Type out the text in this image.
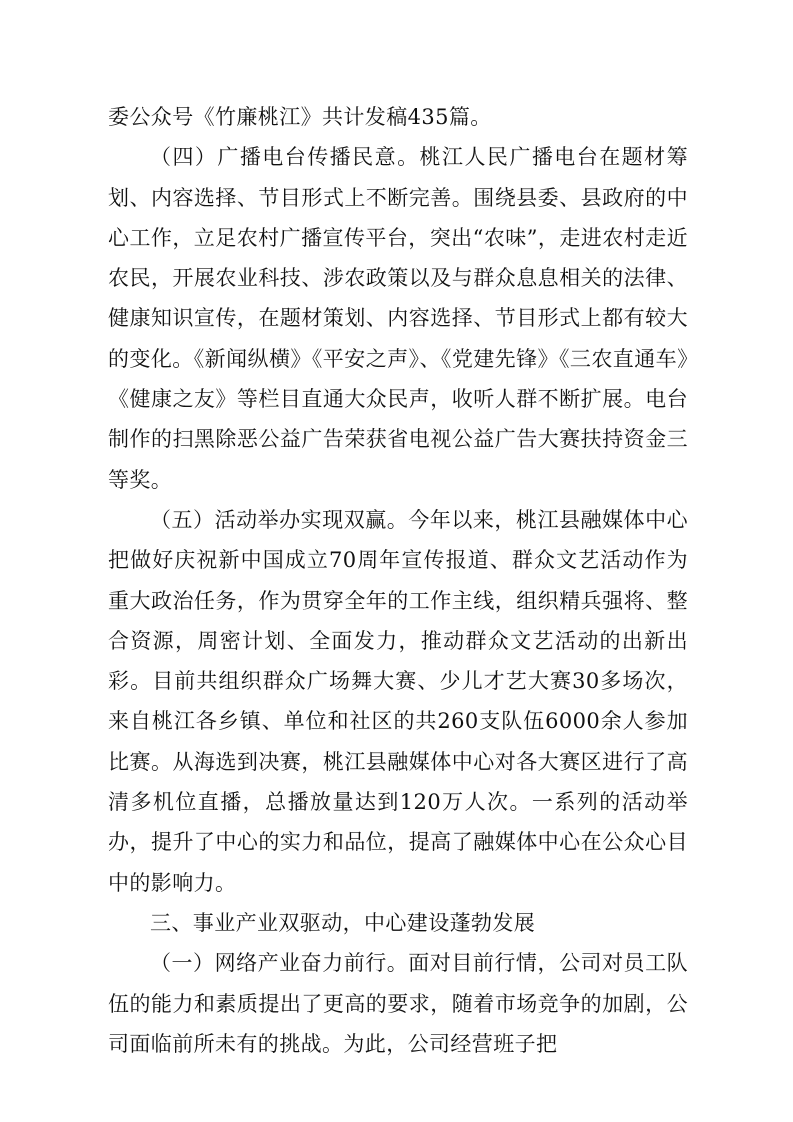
委公众号《竹廉桃江》共计发稿435篇。

（四）广播电台传播民意。桃江人民广播电台在题材筹划、内容选择、节目形式上不断完善。围绕县委、县政府的中心工作，立足农村广播宣传平台，突出“农味”，走进农村走近农民，开展农业科技、涉农政策以及与群众息息相关的法律、健康知识宣传，在题材策划、内容选择、节目形式上都有较大的变化。《新闻纵横》《平安之声》、《党建先锋》《三农直通车》《健康之友》等栏目直通大众民声，收听人群不断扩展。电台制作的扫黑除恶公益广告荣获省电视公益广告大赛扶持资金三等奖。

（五）活动举办实现双赢。今年以来，桃江县融媒体中心把做好庆祝新中国成立70周年宣传报道、群众文艺活动作为重大政治任务，作为贯穿全年的工作主线，组织精兵强将、整合资源，周密计划、全面发力，推动群众文艺活动的出新出彩。目前共组织群众广场舞大赛、少儿才艺大赛30多场次，来自桃江各乡镇、单位和社区的共260支队伍6000余人参加比赛。从海选到决赛，桃江县融媒体中心对各大赛区进行了高清多机位直播，总播放量达到120万人次。一系列的活动举办，提升了中心的实力和品位，提高了融媒体中心在公众心目中的影响力。

三、事业产业双驱动，中心建设蓬勃发展

（一）网络产业奋力前行。面对目前行情，公司对员工队伍的能力和素质提出了更高的要求，随着市场竞争的加剧，公司面临前所未有的挑战。为此，公司经营班子把
